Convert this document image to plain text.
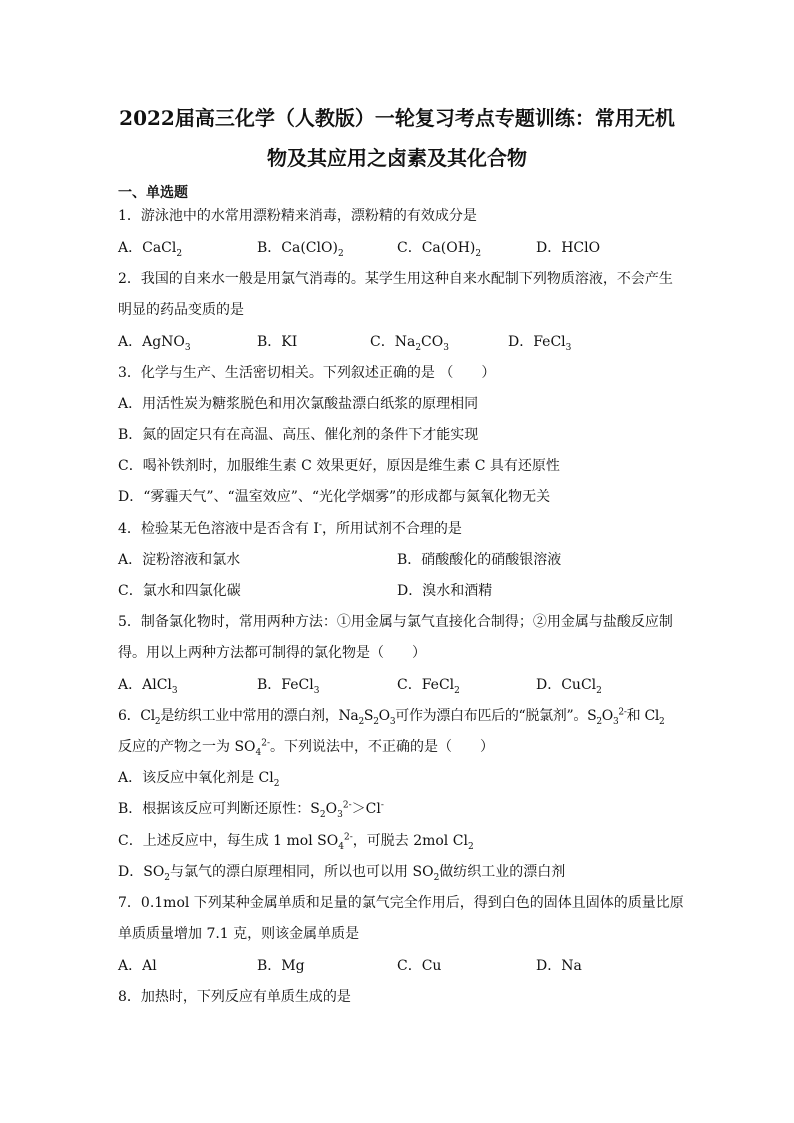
2022届高三化学（人教版）一轮复习考点专题训练：常用无机
物及其应用之卤素及其化合物
一、单选题
1．游泳池中的水常用漂粉精来消毒，漂粉精的有效成分是
A．CaCl$_2$	B．$Ca(ClO)_2$	C．$Ca(OH)_2$	D．HClO
2．我国的自来水一般是用氯气消毒的。某学生用这种自来水配制下列物质溶液，不会产生
明显的药品变质的是
A．AgNO$_3$	B．KI	C．$Na_2CO_3$	D．FeCl$_3$
3．化学与生产、生活密切相关。下列叙述正确的是 （　　）
A．用活性炭为糖浆脱色和用次氯酸盐漂白纸浆的原理相同
B．氮的固定只有在高温、高压、催化剂的条件下才能实现
C．喝补铁剂时，加服维生素 C 效果更好，原因是维生素 C 具有还原性
D．“雾霾天气”、“温室效应”、“光化学烟雾”的形成都与氮氧化物无关
4．检验某无色溶液中是否含有 I-，所用试剂不合理的是
A．淀粉溶液和氯水	B．硝酸酸化的硝酸银溶液
C．氯水和四氯化碳	D．溴水和酒精
5．制备氯化物时，常用两种方法：①用金属与氯气直接化合制得；②用金属与盐酸反应制
得。用以上两种方法都可制得的氯化物是（　　）
A．AlCl$_3$	B．FeCl$_3$	C．FeCl$_2$	D．CuCl$_2$
6．$Cl_2$是纺织工业中常用的漂白剂，$Na_2S_2O_3$可作为漂白布匹后的“脱氯剂”。$S_2O_3^{2-}$和 $Cl_2$
反应的产物之一为 $SO_4^{2-}$。下列说法中，不正确的是（　　）
A．该反应中氧化剂是 $Cl_2$
B．根据该反应可判断还原性：$S_2O_3^{2-}>Cl^-$
C．上述反应中，每生成 1 mol $SO_4^{2-}$，可脱去 2mol $Cl_2$
D．$SO_2$与氯气的漂白原理相同，所以也可以用 $SO_2$做纺织工业的漂白剂
7．0.1mol 下列某种金属单质和足量的氯气完全作用后，得到白色的固体且固体的质量比原
单质质量增加 7.1 克，则该金属单质是
A．Al	B．Mg	C．Cu	D．Na
8．加热时，下列反应有单质生成的是
